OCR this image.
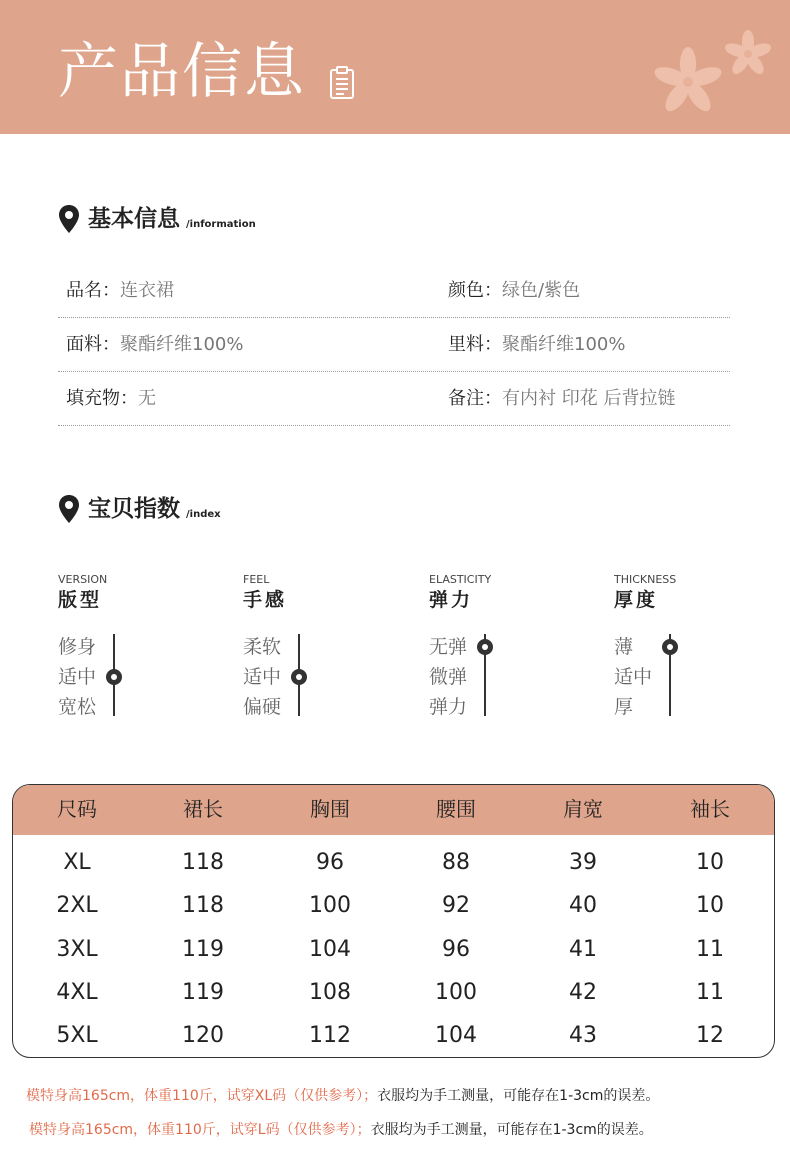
产品信息
基本信息 /information
品名：连衣裙	颜色：绿色/紫色
面料：聚酯纤维100%	里料：聚酯纤维100%
填充物：无	备注：有内衬 印花 后背拉链
宝贝指数 /index
VERSION
版型
修身
适中
宽松
FEEL
手感
柔软
适中
偏硬
ELASTICITY
弹力
无弹
微弹
弹力
THICKNESS
厚度
薄
适中
厚
尺码	裙长	胸围	腰围	肩宽	袖长
XL	118	96	88	39	10
2XL	118	100	92	40	10
3XL	119	104	96	41	11
4XL	119	108	100	42	11
5XL	120	112	104	43	12
模特身高165cm，体重110斤，试穿XL码（仅供参考）；衣服均为手工测量，可能存在1-3cm的误差。
模特身高165cm，体重110斤，试穿L码（仅供参考）；衣服均为手工测量，可能存在1-3cm的误差。
